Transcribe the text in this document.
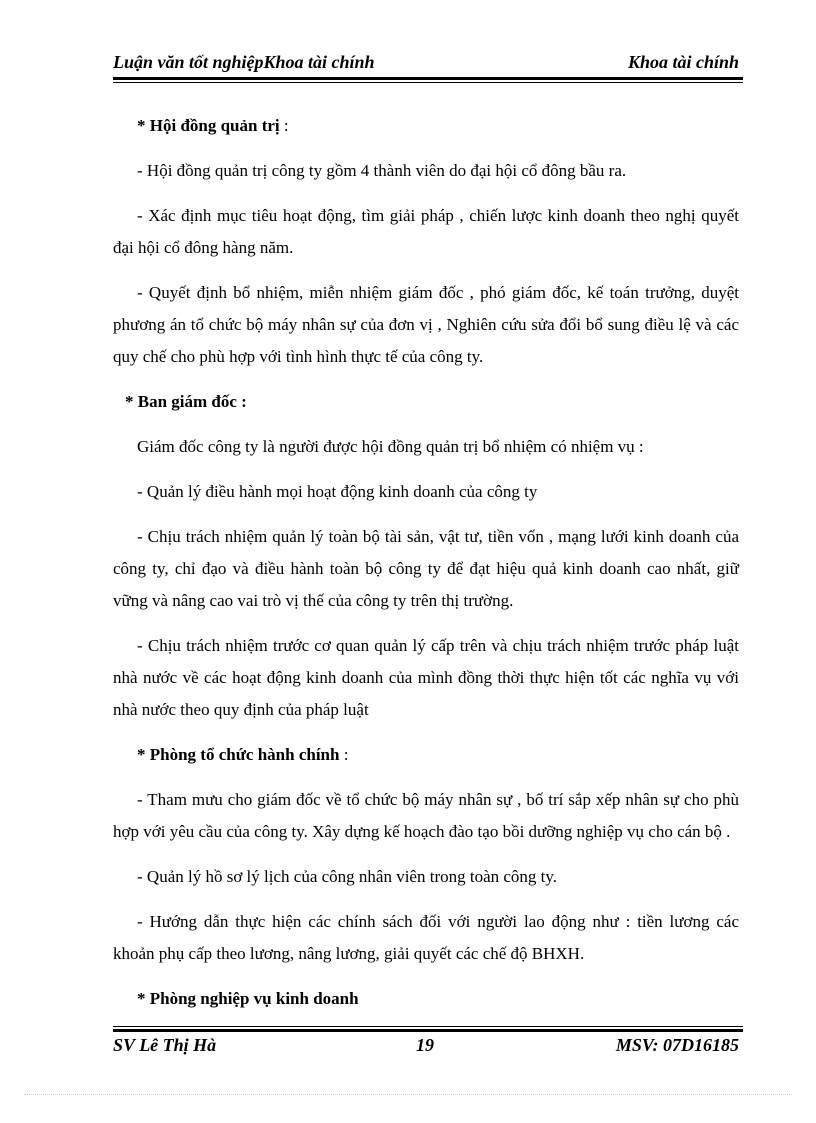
Luận văn tốt nghiệpKhoa tài chính	Khoa tài chính

* Hội đồng quản trị :

- Hội đồng quản trị công ty gồm 4 thành viên do đại hội cổ đông bầu ra.

- Xác định mục tiêu hoạt động, tìm giải pháp , chiến lược kinh doanh theo nghị quyết đại hội cổ đông hàng năm.

- Quyết định bổ nhiệm, miễn nhiệm giám đốc , phó giám đốc, kế toán trưởng, duyệt phương án tổ chức bộ máy nhân sự của đơn vị , Nghiên cứu sửa đổi bổ sung điều lệ và các quy chế cho phù hợp với tình hình thực tế của công ty.

* Ban giám đốc :

Giám đốc công ty là người được hội đồng quản trị bổ nhiệm có nhiệm vụ :

- Quản lý điều hành mọi hoạt động kinh doanh của công ty

- Chịu trách nhiệm quản lý toàn bộ tài sản, vật tư, tiền vốn , mạng lưới kinh doanh của công ty, chỉ đạo và điều hành toàn bộ công ty để đạt hiệu quả kinh doanh cao nhất, giữ vững và nâng cao vai trò vị thế của công ty trên thị trường.

- Chịu trách nhiệm trước cơ quan quản lý cấp trên và chịu trách nhiệm trước pháp luật nhà nước về các hoạt động kinh doanh của mình đồng thời thực hiện tốt các nghĩa vụ với nhà nước theo quy định của pháp luật

* Phòng tổ chức hành chính :

- Tham mưu cho giám đốc về tổ chức bộ máy nhân sự , bố trí sắp xếp nhân sự cho phù hợp với yêu cầu của công ty. Xây dựng kế hoạch đào tạo bồi dưỡng nghiệp vụ cho cán bộ .

- Quản lý hồ sơ lý lịch của công nhân viên trong toàn công ty.

- Hướng dẫn thực hiện các chính sách đối với người lao động như : tiền lương các khoản phụ cấp theo lương, nâng lương, giải quyết các chế độ BHXH.

* Phòng nghiệp vụ kinh doanh

SV Lê Thị Hà	19	MSV: 07D16185
